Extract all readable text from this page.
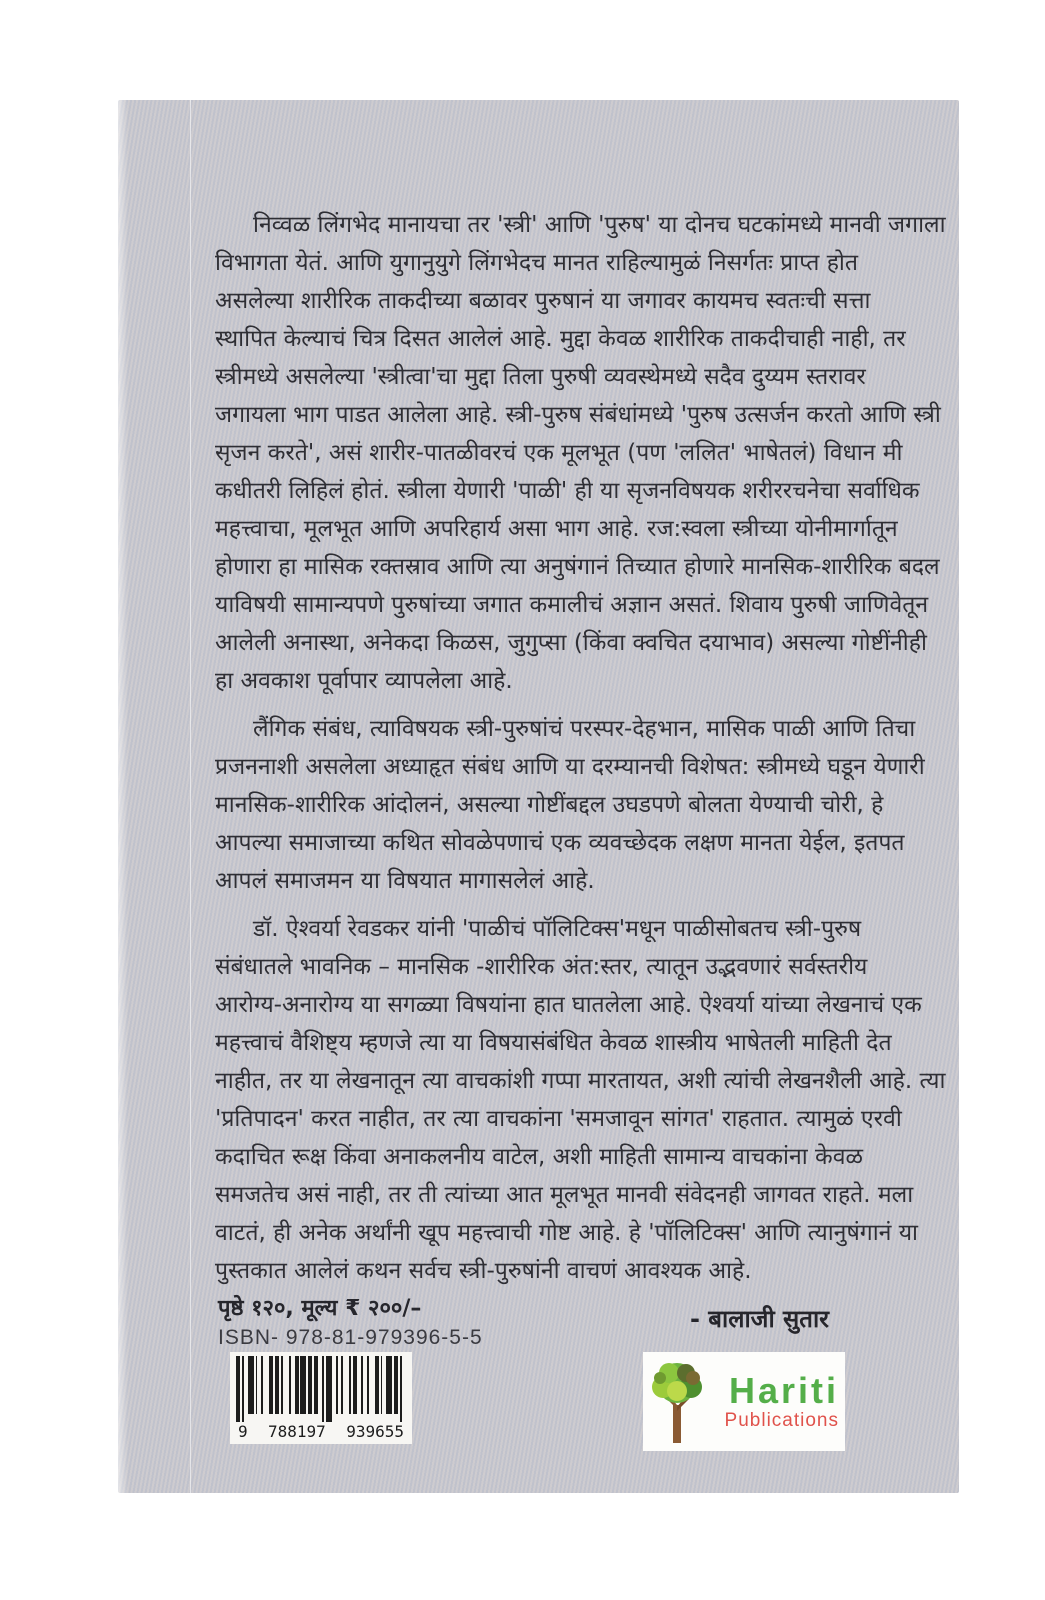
निव्वळ लिंगभेद मानायचा तर 'स्त्री' आणि 'पुरुष' या दोनच घटकांमध्ये मानवी जगाला
विभागता येतं. आणि युगानुयुगे लिंगभेदच मानत राहिल्यामुळं निसर्गतः प्राप्त होत
असलेल्या शारीरिक ताकदीच्या बळावर पुरुषानं या जगावर कायमच स्वतःची सत्ता
स्थापित केल्याचं चित्र दिसत आलेलं आहे. मुद्दा केवळ शारीरिक ताकदीचाही नाही, तर
स्त्रीमध्ये असलेल्या 'स्त्रीत्वा'चा मुद्दा तिला पुरुषी व्यवस्थेमध्ये सदैव दुय्यम स्तरावर
जगायला भाग पाडत आलेला आहे. स्त्री-पुरुष संबंधांमध्ये 'पुरुष उत्सर्जन करतो आणि स्त्री
सृजन करते', असं शारीर-पातळीवरचं एक मूलभूत (पण 'ललित' भाषेतलं) विधान मी
कधीतरी लिहिलं होतं. स्त्रीला येणारी 'पाळी' ही या सृजनविषयक शरीररचनेचा सर्वाधिक
महत्त्वाचा, मूलभूत आणि अपरिहार्य असा भाग आहे. रज:स्वला स्त्रीच्या योनीमार्गातून
होणारा हा मासिक रक्तस्राव आणि त्या अनुषंगानं तिच्यात होणारे मानसिक-शारीरिक बदल
याविषयी सामान्यपणे पुरुषांच्या जगात कमालीचं अज्ञान असतं. शिवाय पुरुषी जाणिवेतून
आलेली अनास्था, अनेकदा किळस, जुगुप्सा (किंवा क्वचित दयाभाव) असल्या गोष्टींनीही
हा अवकाश पूर्वापार व्यापलेला आहे.
लैंगिक संबंध, त्याविषयक स्त्री-पुरुषांचं परस्पर-देहभान, मासिक पाळी आणि तिचा
प्रजननाशी असलेला अध्याहृत संबंध आणि या दरम्यानची विशेषत: स्त्रीमध्ये घडून येणारी
मानसिक-शारीरिक आंदोलनं, असल्या गोष्टींबद्दल उघडपणे बोलता येण्याची चोरी, हे
आपल्या समाजाच्या कथित सोवळेपणाचं एक व्यवच्छेदक लक्षण मानता येईल, इतपत
आपलं समाजमन या विषयात मागासलेलं आहे.
डॉ. ऐश्वर्या रेवडकर यांनी 'पाळीचं पॉलिटिक्स'मधून पाळीसोबतच स्त्री-पुरुष
संबंधातले भावनिक – मानसिक -शारीरिक अंत:स्तर, त्यातून उद्भवणारं सर्वस्तरीय
आरोग्य-अनारोग्य या सगळ्या विषयांना हात घातलेला आहे. ऐश्वर्या यांच्या लेखनाचं एक
महत्त्वाचं वैशिष्ट्य म्हणजे त्या या विषयासंबंधित केवळ शास्त्रीय भाषेतली माहिती देत
नाहीत, तर या लेखनातून त्या वाचकांशी गप्पा मारतायत, अशी त्यांची लेखनशैली आहे. त्या
'प्रतिपादन' करत नाहीत, तर त्या वाचकांना 'समजावून सांगत' राहतात. त्यामुळं एरवी
कदाचित रूक्ष किंवा अनाकलनीय वाटेल, अशी माहिती सामान्य वाचकांना केवळ
समजतेच असं नाही, तर ती त्यांच्या आत मूलभूत मानवी संवेदनही जागवत राहते. मला
वाटतं, ही अनेक अर्थांनी खूप महत्त्वाची गोष्ट आहे. हे 'पॉलिटिक्स' आणि त्यानुषंगानं या
पुस्तकात आलेलं कथन सर्वच स्त्री-पुरुषांनी वाचणं आवश्यक आहे.
- बालाजी सुतार
पृष्ठे १२०, मूल्य ₹ २००/–
ISBN- 978-81-979396-5-5
9 788197 939655
Hariti
Publications
